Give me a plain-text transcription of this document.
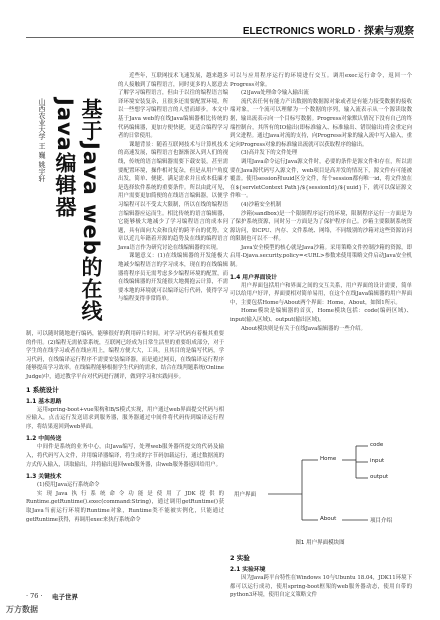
ELECTRONICS WORLD · 探索与观察
基于Java web的在线Java编辑器
山西农业大学 王 巍 姚宇轩

近些年，互联网技术飞速发展，越来越多的人接触到了编程语言，同时更多的人愿意去了解学习编程语言，但由于以往的编程语言编译环境安装复杂，且很多还需要配置环境，所以一些想学习编程语言的人望而却步。本文中基于Java web的在线Java编辑器相比传统的代码编辑器，更加方便快捷，更适合编程学习者的日常使用。

课题背景：随着互联网技术与计算机技术的高速发展，编程语言也渐渐深入到人们的视线，传统的语言编辑器需要下载安装，甚至需要配置环境，操作相对复杂，但是从用户角度出发，简单、便捷、满足需求并且成本低廉才是选择软件系统的重要条件。所以由此可见，用户需要更加简便的在线语言编辑器，以便学习编程可以不受太大限制，所以在线的编程语言编辑器应运而生。相比传统的语言编辑器，它能够极大地减少了学习编程语言的成本问题，具有面向大众和良好的跨平台的优势。文章以近几年籍着开源的趋势及在线的编程语言Java语言作为研究讨论在线编辑器的实现。

课题意义：(1)在线编辑器的开发能极大地减少编程语言的学习成本，现在的在线编辑器将程序员无需考虑多少编程环境的配置，而在线编辑器的开发能很大地拥抱云计算，不需要本地的环境就可以编译运行代码，使得学习与编程变得非常简单。

制，可以随时随地进行编码，能够很好的利用碎片时间。对学习代码有着极其重要的作用。(2)编程无需依靠系统，互联网已经成为日常生活里的重要组成部分，对于学生的在线学习或者在线应用上，编程方便大大，工具，且其目的是编写代码，学习代码，在线编译运行程序不需要安装编译器，而是通过网页，在线编译运行程序能够提高学习效率。在线编程能够根据学生代码的需求，结合在线判题系统(Online Judge)中，通过教学平台对代码进行测评，做到学习和实践同步。

1 系统设计
1.1 基本思路

运用spring-boot+vue架构和B/S模式实现，用户通过web界面提交代码与相应输入，点击运行发送请求到服务器，服务器通过中间件将代码传到编译运行程序，将结果返回到web界面。

1.2 中间传送

中间件是系统的业务中心，由Java编写，处理web服务器所提交的代码及输入，将代码写入文件，并用编译器编译，将生成的字节码加载运行，通过数据流的方式传入输入，读取输出，并将输出返回web服务器，由web服务器返回给用户。

1.3 关键技术

(1)使用Java运行系统命令

实现Java执行系统命令功能是使用了JDK提供的Runtime.getRuntime().exec(command:String)，通过调用getRuntime()获取Java当前运行环境的Runtime对象，Runtime类不能被实例化，只能通过getRuntime获得，再调用exec来执行系统命令

可以与应用程序运行的环境进行交互。调用exec运行命令，返回一个Progress对象。

(2)Java处理命令输入输出流

流代表任何有能力产出数据的数据源对象或者是有能力接受数据的接收端对象，一个流可以理解为一个数据的序列，输入流表示从一个源读取数据，输出流表示向一个目标写数据。Progress对象默认情况下没有自己的终端控制台，其所有的IO输出(即标准输入、标准输出、错误输出)将会重定向到父进程。通过Java对流的支持，向Progress对象的输入流中写入输入，重定向Progress对象的标准输出流就可以获取程序的输出。

(3)高并发下的文件处理

调用Java命令运行Java源文件时，必要的条件是源文件和存在，所以需要在Java源代码写入源文件，web项目是高并发的情况下，源文件有可能被覆盖。使用session和uuid区分文件，每个session都有唯一id，将文件放在在${servletContext Path}/${sessionId}/${uuid}下，就可以保证源文件唯一。

(4)沙箱安全机制

沙箱(sandbox)是一个限制程序运行的环境，限制程序运行一方面是为了保护系统资源，同时另一方面是为了保护程序自己。沙箱主要限制系统资源访问，如CPU、内存、文件系统、网络，不同级别的沙箱对这些资源访问的限制也可以不一样。

Java安全模型的核心就是Java沙箱。采用策略文件控制沙箱的资源，即启用-Djava.security.policy=<URL>参数来使用策略文件启动Java安全机制。

1.4 用户界面设计

用户界面包括用户和界面之间的交互关系，用户界面的设计需要，简单可以给用户好评，界面要相对简单易用，在这个在线Java编辑器的用户界面中，主要包括Home与About两个界面：Home，About，如图1所示。

Home模块是编辑器的首页，Home模块包括：code(编码区域)、input(输入区域)、output(输出区域)。

About模块则是有关于在线Java编辑器的一些介绍。

用户界面
Home
About
code
input
output
项目介绍
图1 用户界面模块图
2 实验
2.1 实验环境

因为Java跨平台特性在Windows 10与Ubuntu 18.04，JDK11环境下都可以运行成功，使用spring-boot框架的web服务器动态，使用自带的python3环境，使用自定义策略文件

· 76 · 电子世界
万方数据
